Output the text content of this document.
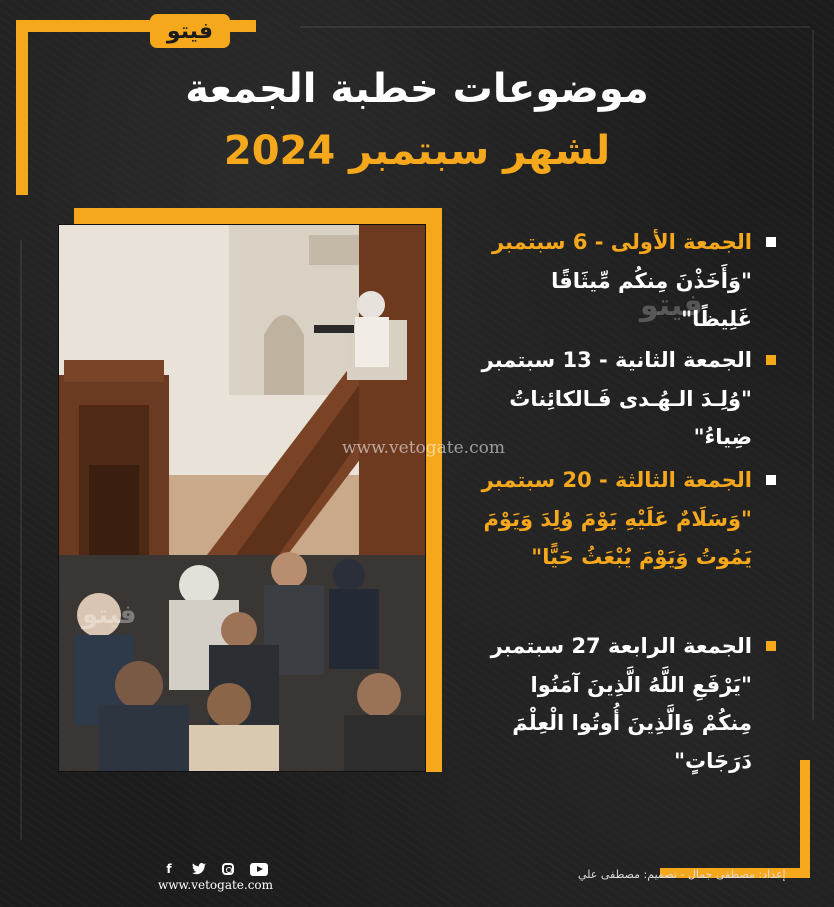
فيتو
موضوعات خطبة الجمعة
لشهر سبتمبر 2024
www.vetogate.com
فيتو
فيتو
الجمعة الأولى - 6 سبتمبر
"وَأَخَذْنَ مِنكُم مِّيثَاقًا غَلِيظًا"
الجمعة الثانية - 13 سبتمبر
"وُلِـدَ الـهُـدى فَـالكائِناتُ ضِياءُ"
الجمعة الثالثة - 20 سبتمبر
"وَسَلَامٌ عَلَيْهِ يَوْمَ وُلِدَ وَيَوْمَ يَمُوتُ وَيَوْمَ يُبْعَثُ حَيًّا"
الجمعة الرابعة 27 سبتمبر
"يَرْفَعِ اللَّهُ الَّذِينَ آمَنُوا مِنكُمْ وَالَّذِينَ أُوتُوا الْعِلْمَ دَرَجَاتٍ"
f
www.vetogate.com
إعداد: مصطفى جمال - تصميم: مصطفى علي
